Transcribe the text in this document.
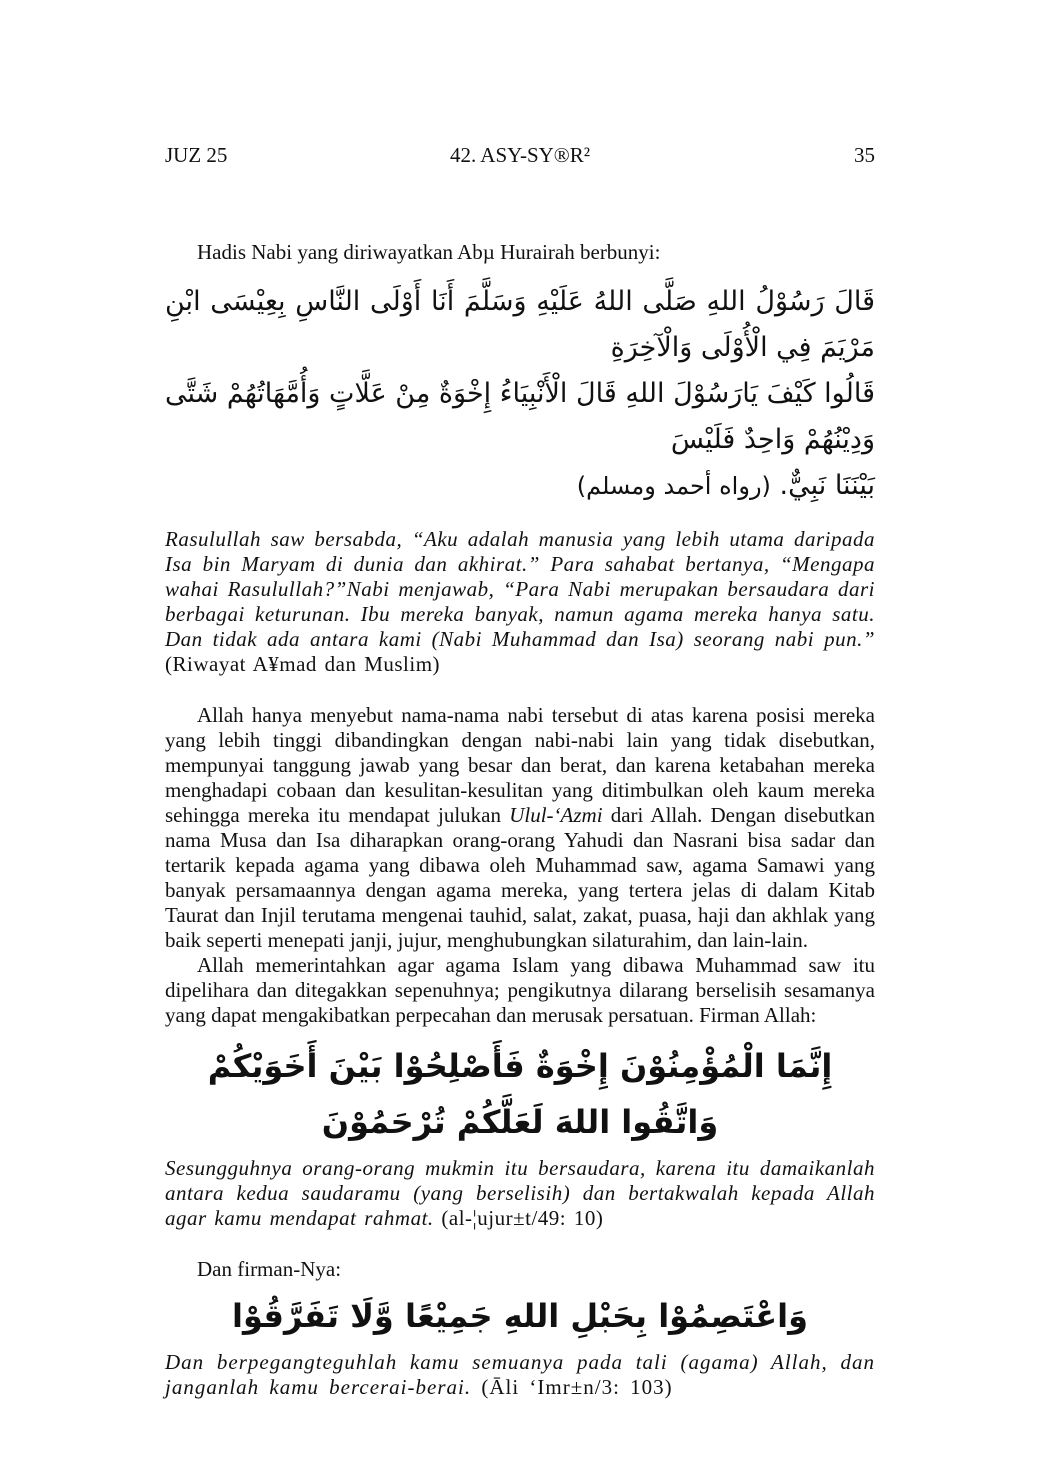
JUZ 25	42. ASY-SY®R²	35

Hadis Nabi yang diriwayatkan Abµ Hurairah berbunyi:

قَالَ رَسُوْلُ اللهِ صَلَّى اللهُ عَلَيْهِ وَسَلَّمَ أَنَا أَوْلَى النَّاسِ بِعِيْسَى ابْنِ مَرْيَمَ فِي الْأُوْلَى وَالْآخِرَةِ

قَالُوا كَيْفَ يَارَسُوْلَ اللهِ قَالَ الْأَنْبِيَاءُ إِخْوَةٌ مِنْ عَلَّاتٍ وَأُمَّهَاتُهُمْ شَتَّى وَدِيْنُهُمْ وَاحِدٌ فَلَيْسَ

بَيْنَنَا نَبِيٌّ. (رواه أحمد ومسلم)

Rasulullah saw bersabda, “Aku adalah manusia yang lebih utama daripada Isa bin Maryam di dunia dan akhirat.” Para sahabat bertanya, “Mengapa wahai Rasulullah?”Nabi menjawab, “Para Nabi merupakan bersaudara dari berbagai keturunan. Ibu mereka banyak, namun agama mereka hanya satu. Dan tidak ada antara kami (Nabi Muhammad dan Isa) seorang nabi pun.” (Riwayat A¥mad dan Muslim)

Allah hanya menyebut nama-nama nabi tersebut di atas karena posisi mereka yang lebih tinggi dibandingkan dengan nabi-nabi lain yang tidak disebutkan, mempunyai tanggung jawab yang besar dan berat, dan karena ketabahan mereka menghadapi cobaan dan kesulitan-kesulitan yang ditimbulkan oleh kaum mereka sehingga mereka itu mendapat julukan Ulul-‘Azmi dari Allah. Dengan disebutkan nama Musa dan Isa diharapkan orang-orang Yahudi dan Nasrani bisa sadar dan tertarik kepada agama yang dibawa oleh Muhammad saw, agama Samawi yang banyak persamaannya dengan agama mereka, yang tertera jelas di dalam Kitab Taurat dan Injil terutama mengenai tauhid, salat, zakat, puasa, haji dan akhlak yang baik seperti menepati janji, jujur, menghubungkan silaturahim, dan lain-lain.

Allah memerintahkan agar agama Islam yang dibawa Muhammad saw itu dipelihara dan ditegakkan sepenuhnya; pengikutnya dilarang berselisih sesamanya yang dapat mengakibatkan perpecahan dan merusak persatuan. Firman Allah:

إِنَّمَا الْمُؤْمِنُوْنَ إِخْوَةٌ فَأَصْلِحُوْا بَيْنَ أَخَوَيْكُمْ وَاتَّقُوا اللهَ لَعَلَّكُمْ تُرْحَمُوْنَ

Sesungguhnya orang-orang mukmin itu bersaudara, karena itu damaikanlah antara kedua saudaramu (yang berselisih) dan bertakwalah kepada Allah agar kamu mendapat rahmat. (al-¦ujur±t/49: 10)

Dan firman-Nya:

وَاعْتَصِمُوْا بِحَبْلِ اللهِ جَمِيْعًا وَّلَا تَفَرَّقُوْا

Dan berpegangteguhlah kamu semuanya pada tali (agama) Allah, dan janganlah kamu bercerai-berai. (Āli ‘Imr±n/3: 103)
